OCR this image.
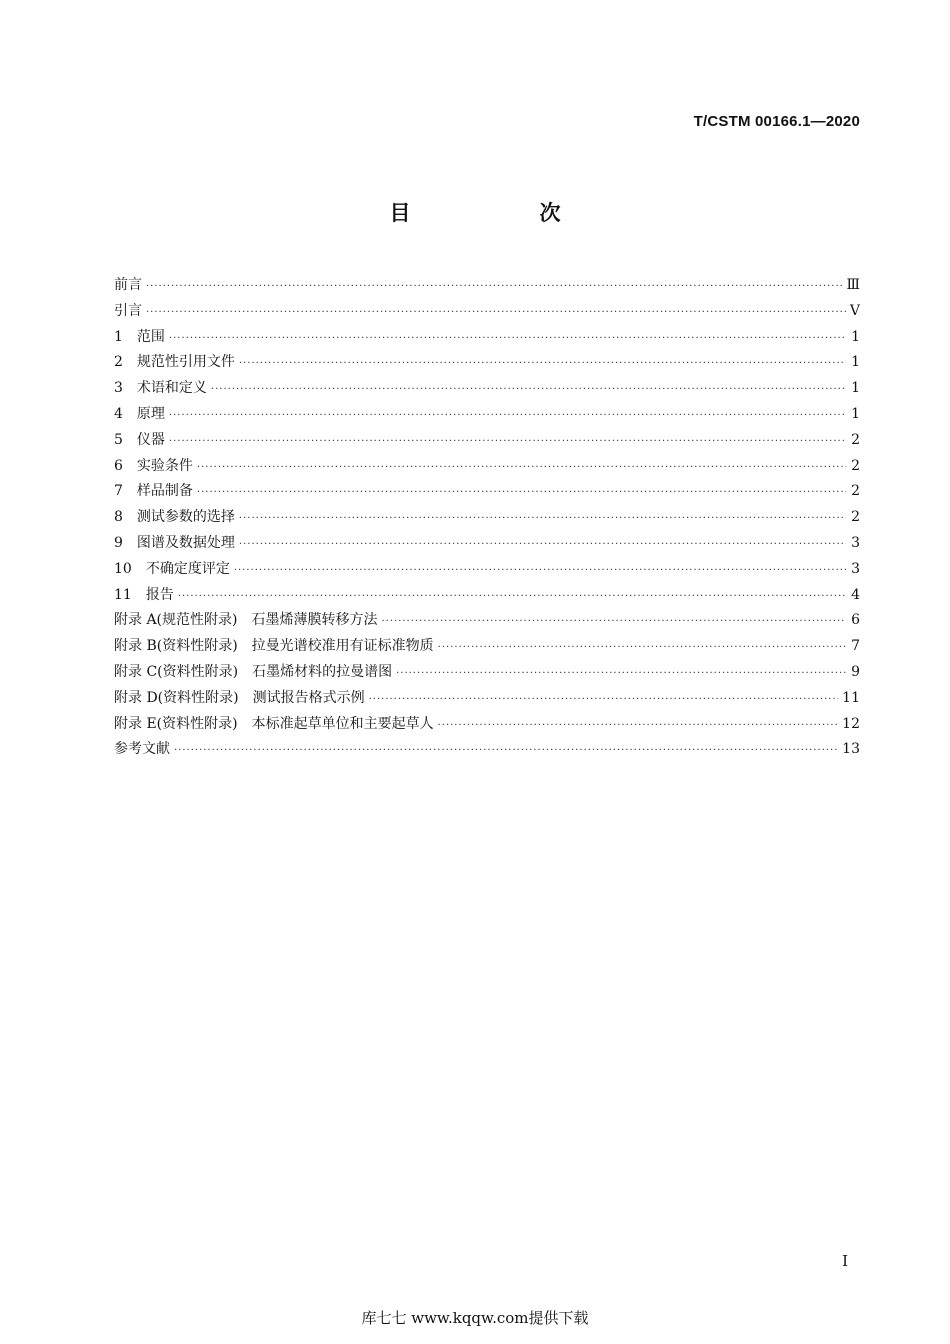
T/CSTM 00166.1—2020
目　次
前言 ·····	Ⅲ
引言 ·····	Ⅴ
1　范围 ·····	1
2　规范性引用文件 ·····	1
3　术语和定义 ·····	1
4　原理 ·····	1
5　仪器 ·····	2
6　实验条件 ·····	2
7　样品制备 ·····	2
8　测试参数的选择 ·····	2
9　图谱及数据处理 ·····	3
10　不确定度评定 ·····	3
11　报告 ·····	4
附录 A(规范性附录)　石墨烯薄膜转移方法 ·····	6
附录 B(资料性附录)　拉曼光谱校准用有证标准物质 ·····	7
附录 C(资料性附录)　石墨烯材料的拉曼谱图 ·····	9
附录 D(资料性附录)　测试报告格式示例 ·····	11
附录 E(资料性附录)　本标准起草单位和主要起草人 ·····	12
参考文献 ·····	13
Ⅰ
库七七 www.kqqw.com提供下载
